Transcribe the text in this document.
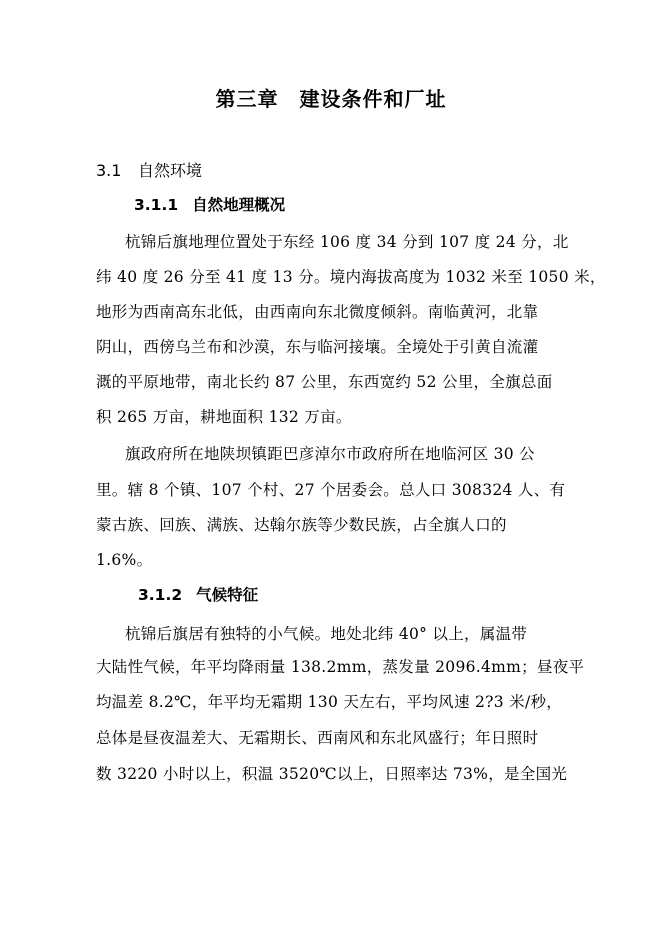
第三章　建设条件和厂址
3.1 自然环境
3.1.1 自然地理概况
杭锦后旗地理位置处于东经 106 度 34 分到 107 度 24 分，北
纬 40 度 26 分至 41 度 13 分。境内海拔高度为 1032 米至 1050 米，
地形为西南高东北低，由西南向东北微度倾斜。南临黄河，北靠
阴山，西傍乌兰布和沙漠，东与临河接壤。全境处于引黄自流灌
溉的平原地带，南北长约 87 公里，东西宽约 52 公里，全旗总面
积 265 万亩，耕地面积 132 万亩。
旗政府所在地陕坝镇距巴彦淖尔市政府所在地临河区 30 公
里。辖 8 个镇、107 个村、27 个居委会。总人口 308324 人、有
蒙古族、回族、满族、达翰尔族等少数民族，占全旗人口的
1.6%。
3.1.2 气候特征
杭锦后旗居有独特的小气候。地处北纬 40° 以上，属温带
大陆性气候，年平均降雨量 138.2mm，蒸发量 2096.4mm；昼夜平
均温差 8.2℃，年平均无霜期 130 天左右，平均风速 2?3 米/秒，
总体是昼夜温差大、无霜期长、西南风和东北风盛行；年日照时
数 3220 小时以上，积温 3520℃以上，日照率达 73%，是全国光
